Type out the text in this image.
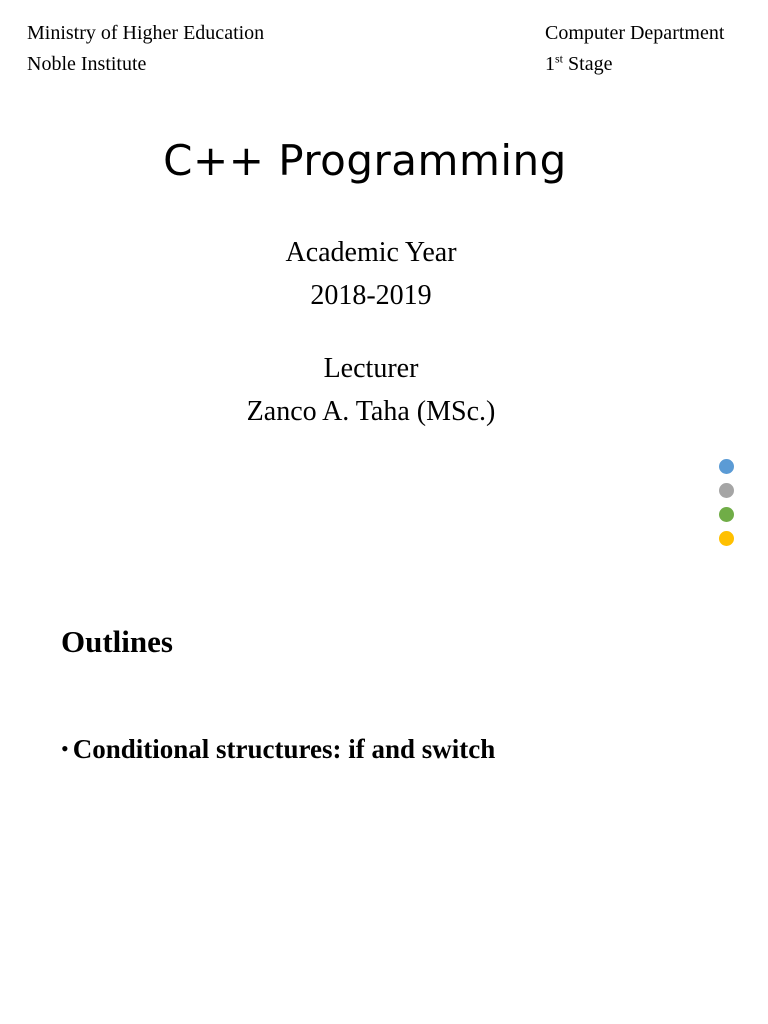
Ministry of Higher Education
Noble Institute
Computer Department
1st Stage
C++ Programming
Academic Year
2018-2019
Lecturer
Zanco A. Taha (MSc.)
Outlines
• Conditional structures: if and switch
